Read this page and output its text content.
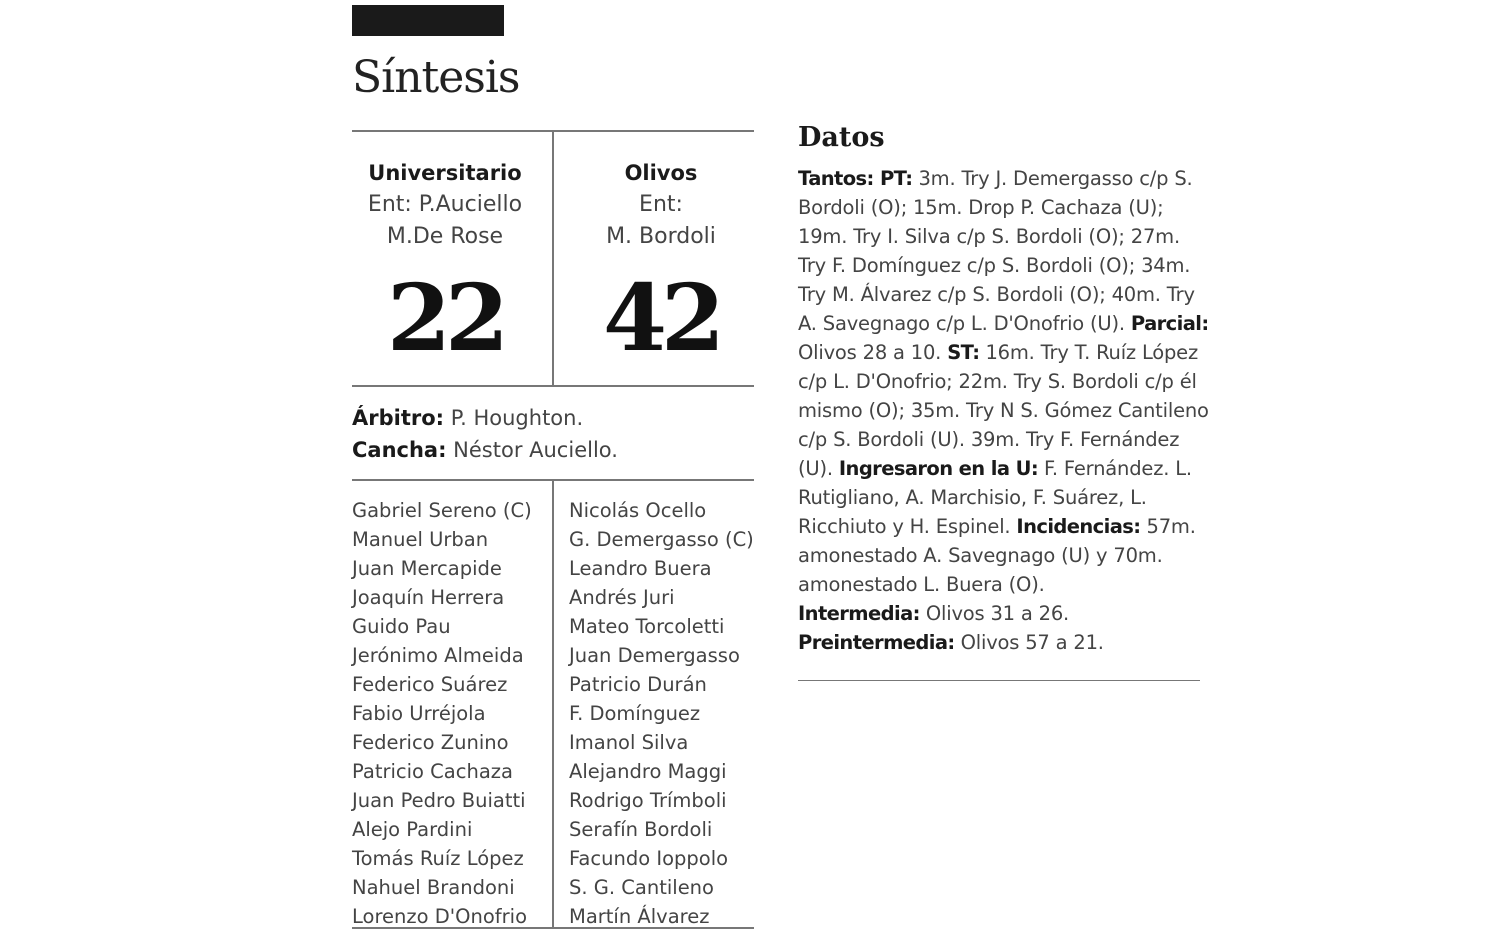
Síntesis
Universitario
Ent: P.Auciello
M.De Rose
22
Olivos
Ent:
M. Bordoli
42
Árbitro: P. Houghton.
Cancha: Néstor Auciello.
Gabriel Sereno (C)
Manuel Urban
Juan Mercapide
Joaquín Herrera
Guido Pau
Jerónimo Almeida
Federico Suárez
Fabio Urréjola
Federico Zunino
Patricio Cachaza
Juan Pedro Buiatti
Alejo Pardini
Tomás Ruíz López
Nahuel Brandoni
Lorenzo D'Onofrio
Nicolás Ocello
G. Demergasso (C)
Leandro Buera
Andrés Juri
Mateo Torcoletti
Juan Demergasso
Patricio Durán
F. Domínguez
Imanol Silva
Alejandro Maggi
Rodrigo Trímboli
Serafín Bordoli
Facundo Ioppolo
S. G. Cantileno
Martín Álvarez
Datos

Tantos: PT: 3m. Try J. Demergasso c/p S. Bordoli (O); 15m. Drop P. Cachaza (U); 19m. Try I. Silva c/p S. Bordoli (O); 27m. Try F. Domínguez c/p S. Bordoli (O); 34m. Try M. Álvarez c/p S. Bordoli (O); 40m. Try A. Savegnago c/p L. D'Onofrio (U). Parcial: Olivos 28 a 10. ST: 16m. Try T. Ruíz López c/p L. D'Onofrio; 22m. Try S. Bordoli c/p él mismo (O); 35m. Try N S. Gómez Cantileno c/p S. Bordoli (U). 39m. Try F. Fernández (U). Ingresaron en la U: F. Fernández. L. Rutigliano, A. Marchisio, F. Suárez, L. Ricchiuto y H. Espinel. Incidencias: 57m. amonestado A. Savegnago (U) y 70m. amonestado L. Buera (O).
Intermedia: Olivos 31 a 26.
Preintermedia: Olivos 57 a 21.
